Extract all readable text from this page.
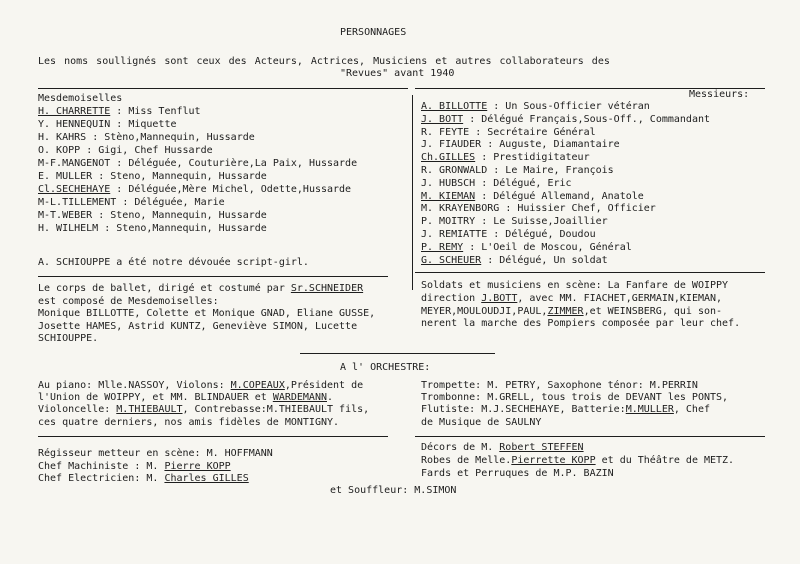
PERSONNAGES
Les noms soullignés sont ceux des Acteurs, Actrices, Musiciens et autres collaborateurs des
"Revues" avant 1940
Mesdemoiselles
H. CHARRETTE : Miss Tenflut
Y. HENNEQUIN : Miquette
H. KAHRS : Stèno,Mannequin, Hussarde
O. KOPP : Gigi, Chef Hussarde
M-F.MANGENOT : Déléguée, Couturière,La Paix, Hussarde
E. MULLER : Steno, Mannequin, Hussarde
Cl.SECHEHAYE : Déléguée,Mère Michel, Odette,Hussarde
M-L.TILLEMENT : Déléguée, Marie
M-T.WEBER : Steno, Mannequin, Hussarde
H. WILHELM : Steno,Mannequin, Hussarde
A. SCHIOUPPE a été notre dévouée script-girl.
Messieurs:
A. BILLOTTE : Un Sous-Officier vétéran
J. BOTT : Délégué Français,Sous-Off., Commandant
R. FEYTE : Secrétaire Général
J. FIAUDER : Auguste, Diamantaire
Ch.GILLES : Prestidigitateur
R. GRONWALD : Le Maire, François
J. HUBSCH : Délégué, Eric
M. KIEMAN : Délégué Allemand, Anatole
M. KRAYENBORG : Huissier Chef, Officier
P. MOITRY : Le Suisse,Joaillier
J. REMIATTE : Délégué, Doudou
P. REMY : L'Oeil de Moscou, Général
G. SCHEUER : Délégué, Un soldat
Le corps de ballet, dirigé et costumé par Sr.SCHNEIDER
est composé de Mesdemoiselles:
Monique BILLOTTE, Colette et Monique GNAD, Eliane GUSSE,
Josette HAMES, Astrid KUNTZ, Geneviève SIMON, Lucette
SCHIOUPPE.
Soldats et musiciens en scène: La Fanfare de WOIPPY
direction J.BOTT, avec MM. FIACHET,GERMAIN,KIEMAN,
MEYER,MOULOUDJI,PAUL,ZIMMER,et WEINSBERG, qui son-
nerent la marche des Pompiers composée par leur chef.
A l' ORCHESTRE:
Au piano: Mlle.NASSOY, Violons: M.COPEAUX,Président de
l'Union de WOIPPY, et MM. BLINDAUER et WARDEMANN.
Violoncelle: M.THIEBAULT, Contrebasse:M.THIEBAULT fils,
ces quatre derniers, nos amis fidèles de MONTIGNY.
Trompette: M. PETRY, Saxophone ténor: M.PERRIN
Trombonne: M.GRELL, tous trois de DEVANT les PONTS,
Flutiste: M.J.SECHEHAYE, Batterie:M.MULLER, Chef
de Musique de SAULNY
Régisseur metteur en scène: M. HOFFMANN
Chef Machiniste : M. Pierre KOPP
Chef Electricien: M. Charles GILLES
Décors de M. Robert STEFFEN
Robes de Melle.Pierrette KOPP et du Théâtre de METZ.
Fards et Perruques de M.P. BAZIN
et Souffleur: M.SIMON
